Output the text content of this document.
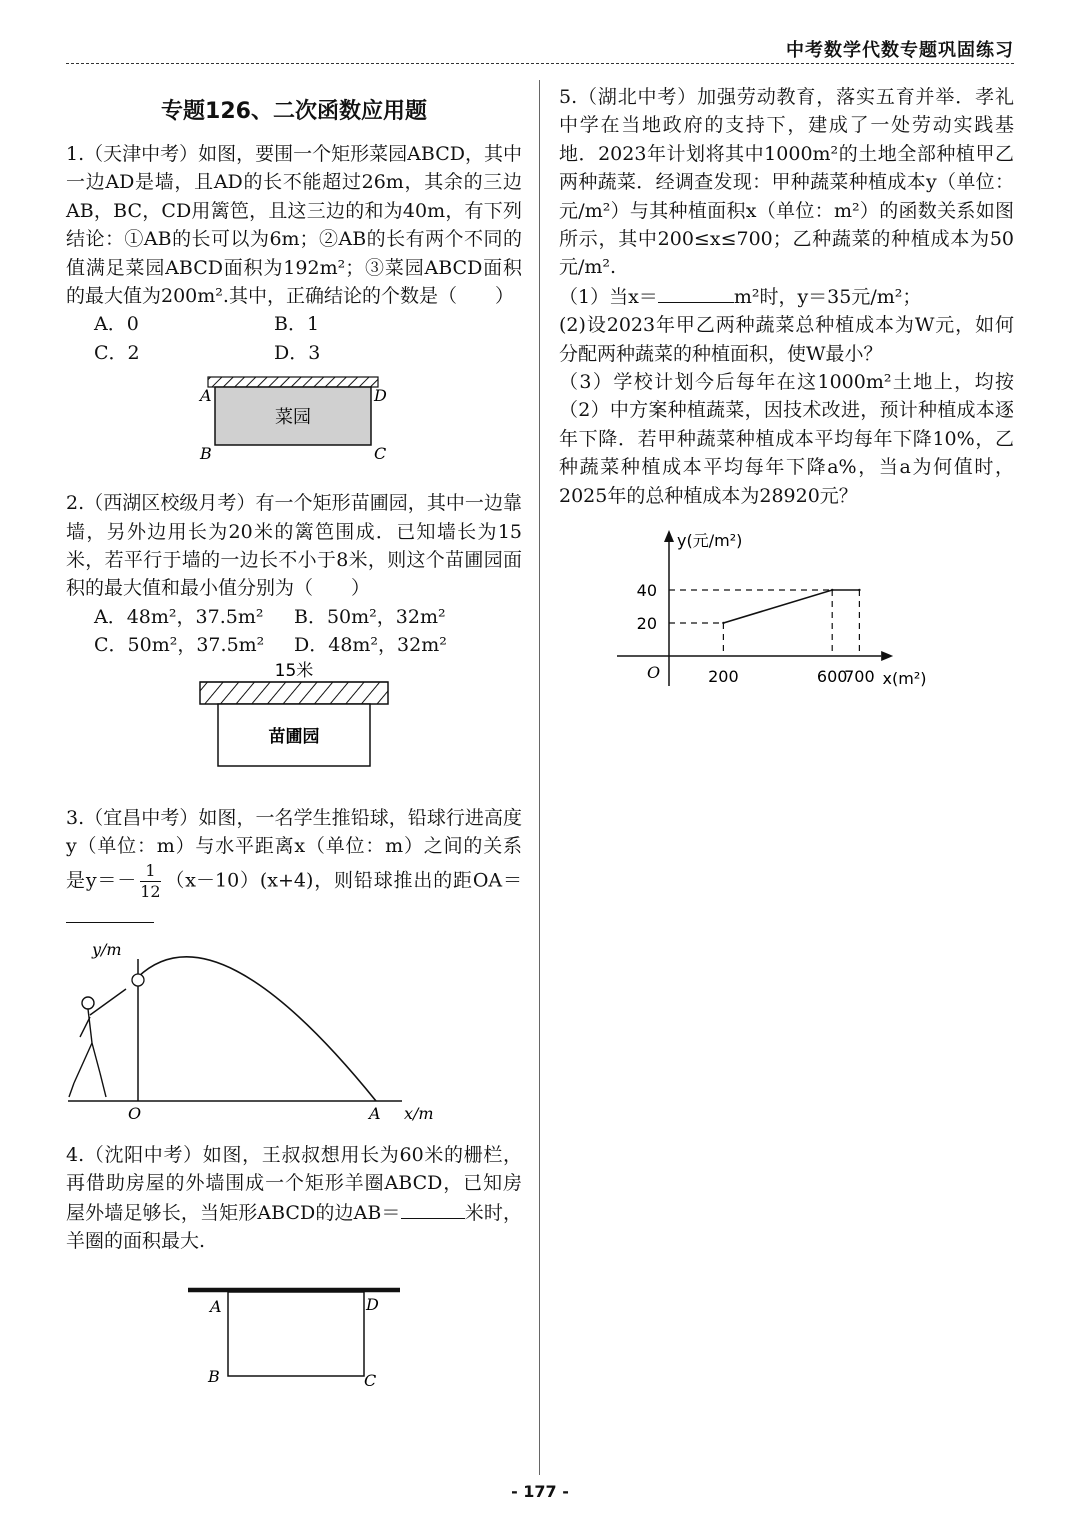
中考数学代数专题巩固练习
专题126、二次函数应用题

1.（天津中考）如图，要围一个矩形菜园ABCD，其中一边AD是墙，且AD的长不能超过26m，其余的三边AB，BC，CD用篱笆，且这三边的和为40m，有下列结论：①AB的长可以为6m；②AB的长有两个不同的值满足菜园ABCD面积为192m²；③菜园ABCD面积的最大值为200m².其中，正确结论的个数是（　　）

A．0	B．1
C．2	D．3
菜园
A	D
B	C

2.（西湖区校级月考）有一个矩形苗圃园，其中一边靠墙，另外边用长为20米的篱笆围成．已知墙长为15米，若平行于墙的一边长不小于8米，则这个苗圃园面积的最大值和最小值分别为（　　）

A．48m²，37.5m²	B．50m²，32m²
C．50m²，37.5m²	D．48m²，32m²
15米
苗圃园

3.（宜昌中考）如图，一名学生推铅球，铅球行进高度y（单位：m）与水平距离x（单位：m）之间的关系是$y=- \frac{1}{12} (x-10)(x+4)$，则铅球推出的距OA＝

y/m
O	A x/m

4.（沈阳中考）如图，王叔叔想用长为60米的栅栏，再借助房屋的外墙围成一个矩形羊圈ABCD，已知房屋外墙足够长，当矩形ABCD的边AB＝	米时，羊圈的面积最大.

A	D
B	C

5.（湖北中考）加强劳动教育，落实五育并举．孝礼中学在当地政府的支持下，建成了一处劳动实践基地．2023年计划将其中1000m²的土地全部种植甲乙两种蔬菜．经调查发现：甲种蔬菜种植成本y（单位：元/m²）与其种植面积x（单位：m²）的函数关系如图所示，其中200≤x≤700；乙种蔬菜的种植成本为50元/m².

（1）当x＝	m²时，y＝35元/m²；

(2)设2023年甲乙两种蔬菜总种植成本为W元，如何分配两种蔬菜的种植面积，使W最小？

（3）学校计划今后每年在这1000m²土地上，均按（2）中方案种植蔬菜，因技术改进，预计种植成本逐年下降．若甲种蔬菜种植成本平均每年下降10%，乙种蔬菜种植成本平均每年下降a%，当a为何值时，2025年的总种植成本为28920元？

y(元/m²)
x(m²)
O	200	600
700
20
40
- 177 -
